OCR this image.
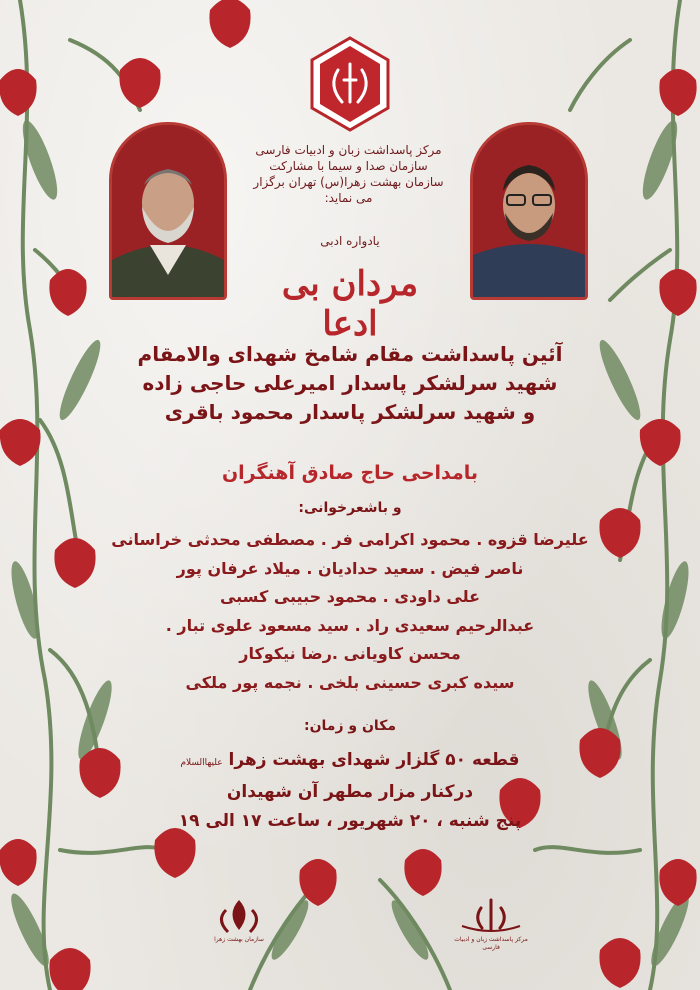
مرکز پاسداشت زبان و ادبیات فارسی
سازمان صدا و سیما با مشارکت
سازمان بهشت زهرا(س) تهران برگزار
می نماید:
یادواره ادبی
مردان بی ادعا
آئین پاسداشت مقام شامخ شهدای والامقام
شهید سرلشکر پاسدار امیرعلی حاجی زاده
و شهید سرلشکر پاسدار محمود باقری
بامداحی حاج صادق آهنگران
و باشعرخوانی:
علیرضا قزوه . محمود اکرامی فر . مصطفی محدثی خراسانی
ناصر فیض . سعید حدادیان . میلاد عرفان پور
علی داودی . محمود حبیبی کسبی
عبدالرحیم سعیدی راد . سید مسعود علوی تبار .
محسن کاویانی .رضا نیکوکار
سیده کبری حسینی بلخی . نجمه پور ملکی
مکان و زمان:
قطعه ۵۰ گلزار شهدای بهشت زهرا علیهاالسلام
درکنار مزار مطهر آن شهیدان
پنج شنبه ، ۲۰ شهریور ، ساعت ۱۷ الی ۱۹
سازمان بهشت زهرا	مرکز پاسداشت زبان و ادبیات فارسی
